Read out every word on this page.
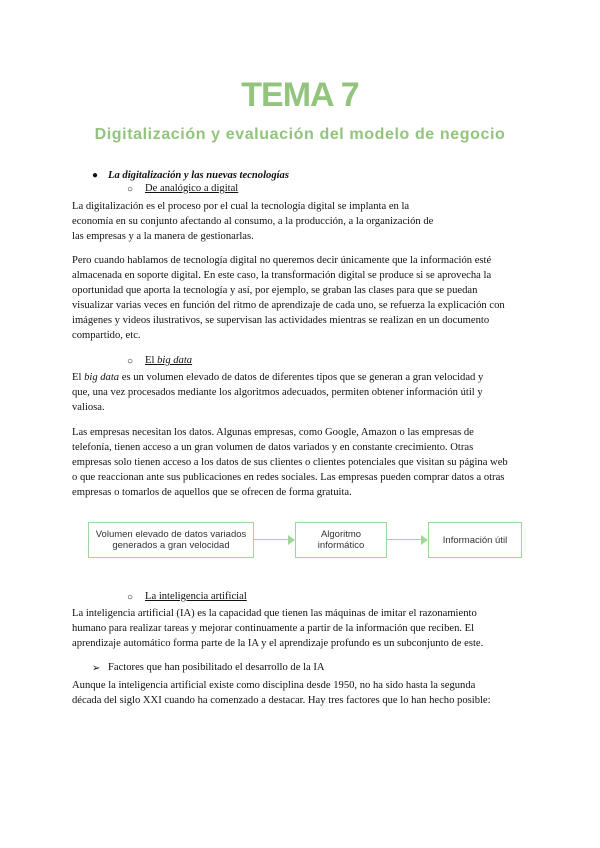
TEMA 7
Digitalización y evaluación del modelo de negocio
● La digitalización y las nuevas tecnologías
○ De analógico a digital
La digitalización es el proceso por el cual la tecnología digital se implanta en la
economía en su conjunto afectando al consumo, a la producción, a la organización de
las empresas y a la manera de gestionarlas.
Pero cuando hablamos de tecnología digital no queremos decir únicamente que la información esté
almacenada en soporte digital. En este caso, la transformación digital se produce si se aprovecha la
oportunidad que aporta la tecnología y así, por ejemplo, se graban las clases para que se puedan
visualizar varias veces en función del ritmo de aprendizaje de cada uno, se refuerza la explicación con
imágenes y videos ilustrativos, se supervisan las actividades mientras se realizan en un documento
compartido, etc.
○ El big data
El big data es un volumen elevado de datos de diferentes tipos que se generan a gran velocidad y
que, una vez procesados mediante los algoritmos adecuados, permiten obtener información útil y
valiosa.
Las empresas necesitan los datos. Algunas empresas, como Google, Amazon o las empresas de
telefonía, tienen acceso a un gran volumen de datos variados y en constante crecimiento. Otras
empresas solo tienen acceso a los datos de sus clientes o clientes potenciales que visitan su página web
o que reaccionan ante sus publicaciones en redes sociales. Las empresas pueden comprar datos a otras
empresas o tomarlos de aquellos que se ofrecen de forma gratuita.
Volumen elevado de datos variados
generados a gran velocidad
Algoritmo
informático	Información útil
○ La inteligencia artificial
La inteligencia artificial (IA) es la capacidad que tienen las máquinas de imitar el razonamiento
humano para realizar tareas y mejorar continuamente a partir de la información que reciben. El
aprendizaje automático forma parte de la IA y el aprendizaje profundo es un subconjunto de este.
➢ Factores que han posibilitado el desarrollo de la IA
Aunque la inteligencia artificial existe como disciplina desde 1950, no ha sido hasta la segunda
década del siglo XXI cuando ha comenzado a destacar. Hay tres factores que lo han hecho posible:
